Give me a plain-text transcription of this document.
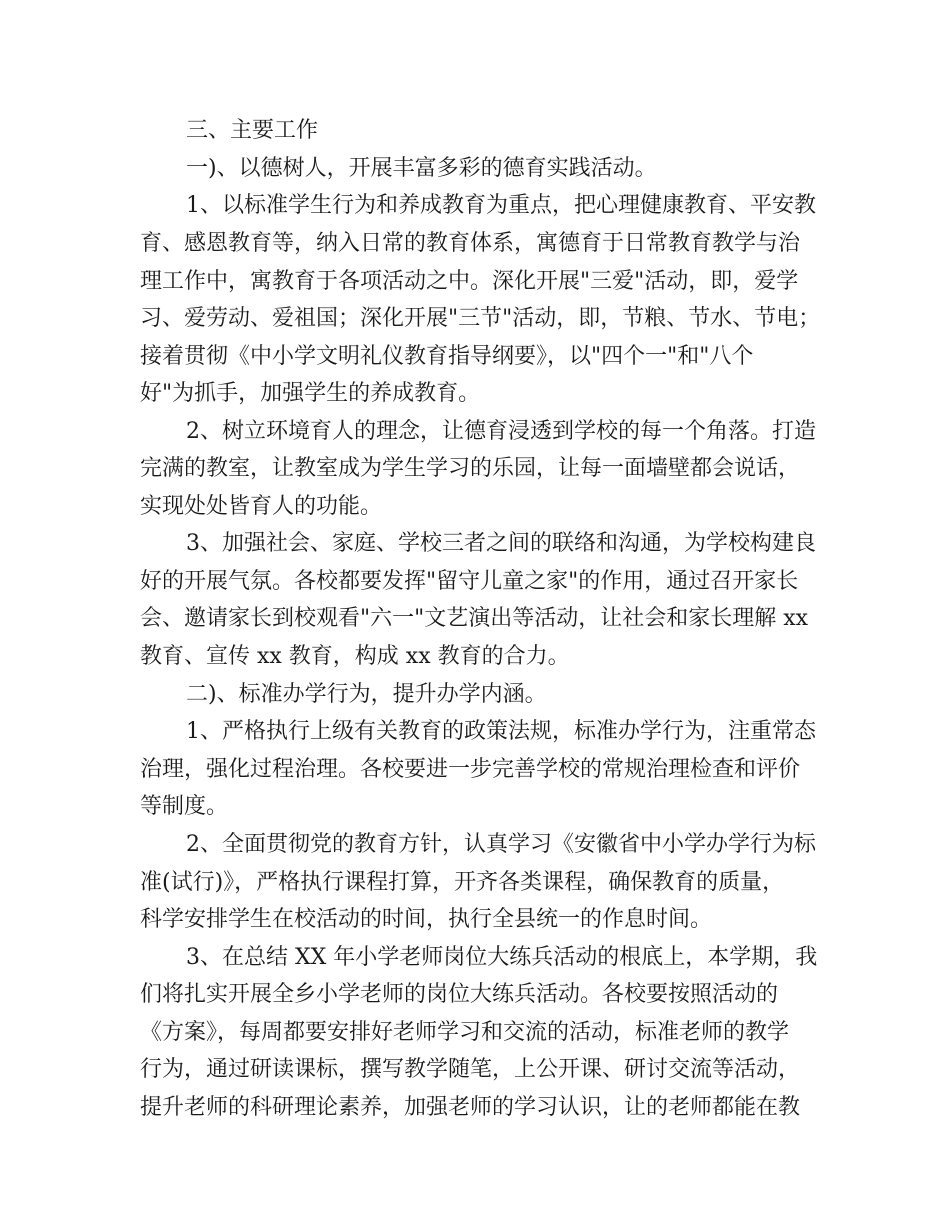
三、主要工作
一)、以德树人，开展丰富多彩的德育实践活动。
1、以标准学生行为和养成教育为重点，把心理健康教育、平安教
育、感恩教育等，纳入日常的教育体系，寓德育于日常教育教学与治
理工作中，寓教育于各项活动之中。深化开展"三爱"活动，即，爱学
习、爱劳动、爱祖国；深化开展"三节"活动，即，节粮、节水、节电；
接着贯彻《中小学文明礼仪教育指导纲要》，以"四个一"和"八个
好"为抓手，加强学生的养成教育。
2、树立环境育人的理念，让德育浸透到学校的每一个角落。打造
完满的教室，让教室成为学生学习的乐园，让每一面墙壁都会说话，
实现处处皆育人的功能。
3、加强社会、家庭、学校三者之间的联络和沟通，为学校构建良
好的开展气氛。各校都要发挥"留守儿童之家"的作用，通过召开家长
会、邀请家长到校观看"六一"文艺演出等活动，让社会和家长理解 xx
教育、宣传 xx 教育，构成 xx 教育的合力。
二)、标准办学行为，提升办学内涵。
1、严格执行上级有关教育的政策法规，标准办学行为，注重常态
治理，强化过程治理。各校要进一步完善学校的常规治理检查和评价
等制度。
2、全面贯彻党的教育方针，认真学习《安徽省中小学办学行为标
准(试行)》，严格执行课程打算，开齐各类课程，确保教育的质量，
科学安排学生在校活动的时间，执行全县统一的作息时间。
3、在总结 XX 年小学老师岗位大练兵活动的根底上，本学期，我
们将扎实开展全乡小学老师的岗位大练兵活动。各校要按照活动的
《方案》，每周都要安排好老师学习和交流的活动，标准老师的教学
行为，通过研读课标，撰写教学随笔，上公开课、研讨交流等活动，
提升老师的科研理论素养，加强老师的学习认识，让的老师都能在教
